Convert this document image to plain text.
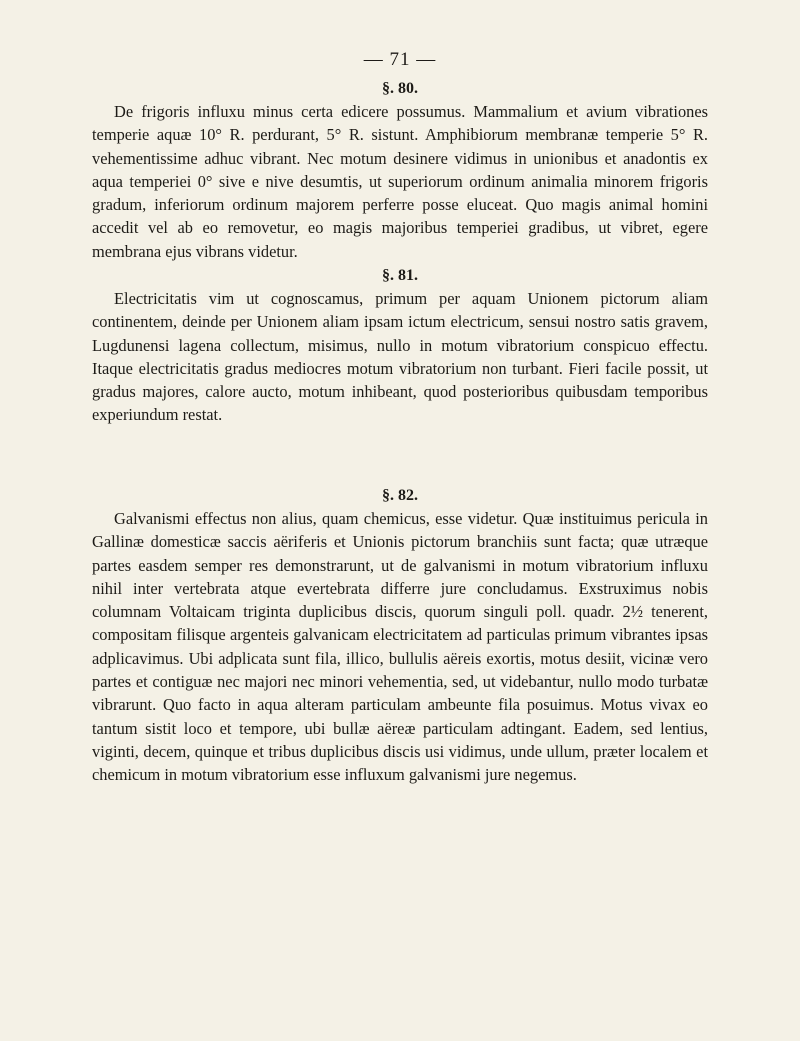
— 71 —
§. 80.

De frigoris influxu minus certa edicere possumus. Mammalium et avium vibrationes temperie aquæ 10° R. perdurant, 5° R. sistunt. Amphibiorum membranæ temperie 5° R. vehementissime adhuc vibrant. Nec motum desinere vidimus in unionibus et anadontis ex aqua temperiei 0° sive e nive desumtis, ut superiorum ordinum animalia minorem frigoris gradum, inferiorum ordinum majorem perferre posse eluceat. Quo magis animal homini accedit vel ab eo removetur, eo magis majoribus temperiei gradibus, ut vibret, egere membrana ejus vibrans videtur.

§. 81.

Electricitatis vim ut cognoscamus, primum per aquam Unionem pictorum aliam continentem, deinde per Unionem aliam ipsam ictum electricum, sensui nostro satis gravem, Lugdunensi lagena collectum, misimus, nullo in motum vibratorium conspicuo effectu. Itaque electricitatis gradus mediocres motum vibratorium non turbant. Fieri facile possit, ut gradus majores, calore aucto, motum inhibeant, quod posterioribus quibusdam temporibus experiundum restat.

§. 82.

Galvanismi effectus non alius, quam chemicus, esse videtur. Quæ instituimus pericula in Gallinæ domesticæ saccis aëriferis et Unionis pictorum branchiis sunt facta; quæ utræque partes easdem semper res demonstrarunt, ut de galvanismi in motum vibratorium influxu nihil inter vertebrata atque evertebrata differre jure concludamus. Exstruximus nobis columnam Voltaicam triginta duplicibus discis, quorum singuli poll. quadr. 2½ tenerent, compositam filisque argenteis galvanicam electricitatem ad particulas primum vibrantes ipsas adplicavimus. Ubi adplicata sunt fila, illico, bullulis aëreis exortis, motus desiit, vicinæ vero partes et contiguæ nec majori nec minori vehementia, sed, ut videbantur, nullo modo turbatæ vibrarunt. Quo facto in aqua alteram particulam ambeunte fila posuimus. Motus vivax eo tantum sistit loco et tempore, ubi bullæ aëreæ particulam adtingant. Eadem, sed lentius, viginti, decem, quinque et tribus duplicibus discis usi vidimus, unde ullum, præter localem et chemicum in motum vibratorium esse influxum galvanismi jure negemus.
